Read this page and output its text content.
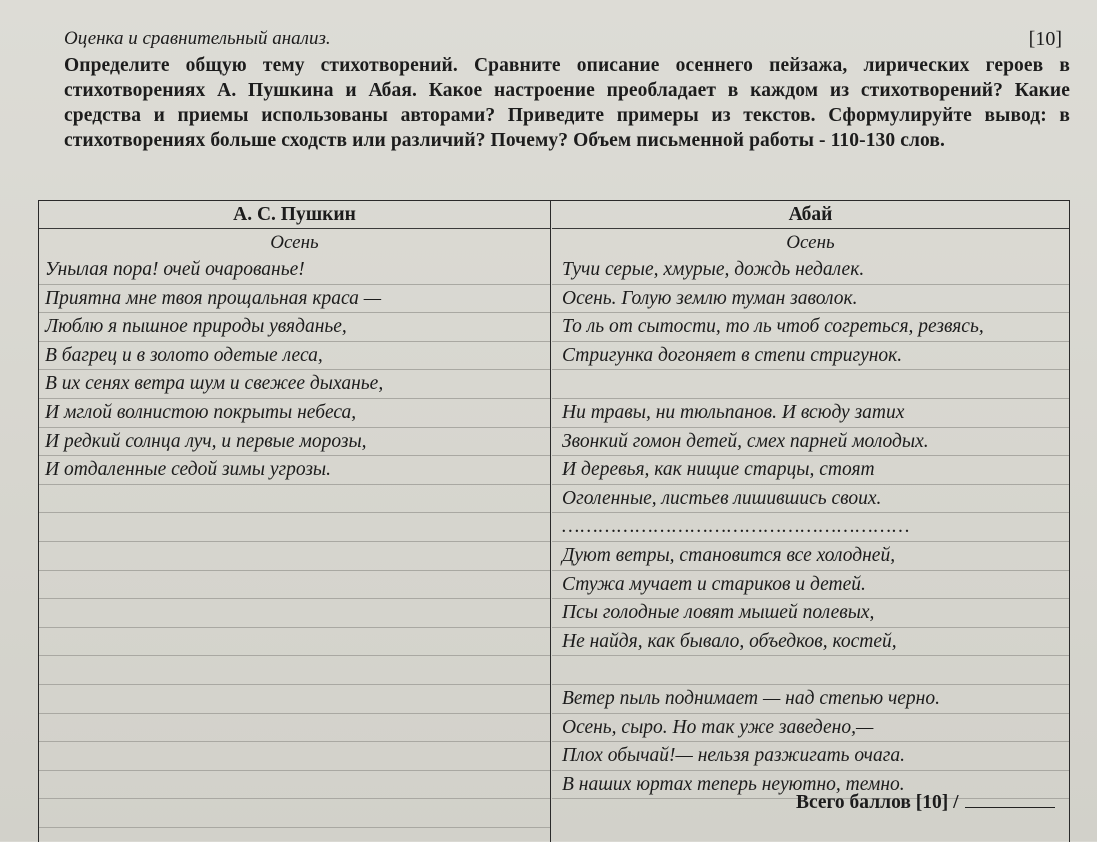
Оценка и сравнительный анализ.	[10]
Определите общую тему стихотворений. Сравните описание осеннего пейзажа, лирических героев в стихотворениях А. Пушкина и Абая. Какое настроение преобладает в каждом из стихотворений? Какие средства и приемы использованы авторами? Приведите примеры из текстов. Сформулируйте вывод: в стихотворениях больше сходств или различий? Почему? Объем письменной работы - 110-130 слов.
А. С. Пушкин
Осень
Унылая пора! очей очарованье!
Приятна мне твоя прощальная краса —
Люблю я пышное природы увяданье,
В багрец и в золото одетые леса,
В их сенях ветра шум и свежее дыханье,
И мглой волнистою покрыты небеса,
И редкий солнца луч, и первые морозы,
И отдаленные седой зимы угрозы.
Абай
Осень
Тучи серые, хмурые, дождь недалек.
Осень. Голую землю туман заволок.
То ль от сытости, то ль чтоб согреться, резвясь,
Стригунка догоняет в степи стригунок.
Ни травы, ни тюльпанов. И всюду затих
Звонкий гомон детей, смех парней молодых.
И деревья, как нищие старцы, стоят
Оголенные, листьев лишившись своих.
…………………………………………………
Дуют ветры, становится все холодней,
Стужа мучает и стариков и детей.
Псы голодные ловят мышей полевых,
Не найдя, как бывало, объедков, костей,
Ветер пыль поднимает — над степью черно.
Осень, сыро. Но так уже заведено,—
Плох обычай!— нельзя разжигать очага.
В наших юртах теперь неуютно, темно.
Всего баллов [10] /
